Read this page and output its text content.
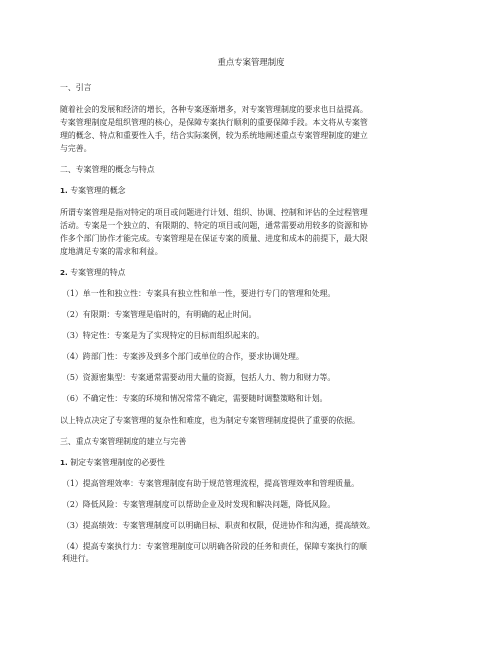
重点专案管理制度
一、引言
随着社会的发展和经济的增长，各种专案逐渐增多，对专案管理制度的要求也日益提高。
专案管理制度是组织管理的核心，是保障专案执行顺利的重要保障手段。本文将从专案管
理的概念、特点和重要性入手，结合实际案例，较为系统地阐述重点专案管理制度的建立
与完善。
二、专案管理的概念与特点
1. 专案管理的概念
所谓专案管理是指对特定的项目或问题进行计划、组织、协调、控制和评估的全过程管理
活动。专案是一个独立的、有限期的、特定的项目或问题，通常需要动用较多的资源和协
作多个部门协作才能完成。专案管理是在保证专案的质量、进度和成本的前提下，最大限
度地满足专案的需求和利益。
2. 专案管理的特点
（1）单一性和独立性：专案具有独立性和单一性，要进行专门的管理和处理。
（2）有限期：专案管理是临时的，有明确的起止时间。
（3）特定性：专案是为了实现特定的目标而组织起来的。
（4）跨部门性：专案涉及到多个部门或单位的合作，要求协调处理。
（5）资源密集型：专案通常需要动用大量的资源，包括人力、物力和财力等。
（6）不确定性：专案的环境和情况常常不确定，需要随时调整策略和计划。
以上特点决定了专案管理的复杂性和难度，也为制定专案管理制度提供了重要的依据。
三、重点专案管理制度的建立与完善
1. 制定专案管理制度的必要性
（1）提高管理效率：专案管理制度有助于规范管理流程，提高管理效率和管理质量。
（2）降低风险：专案管理制度可以帮助企业及时发现和解决问题，降低风险。
（3）提高绩效：专案管理制度可以明确目标、职责和权限，促进协作和沟通，提高绩效。
（4）提高专案执行力：专案管理制度可以明确各阶段的任务和责任，保障专案执行的顺
利进行。
